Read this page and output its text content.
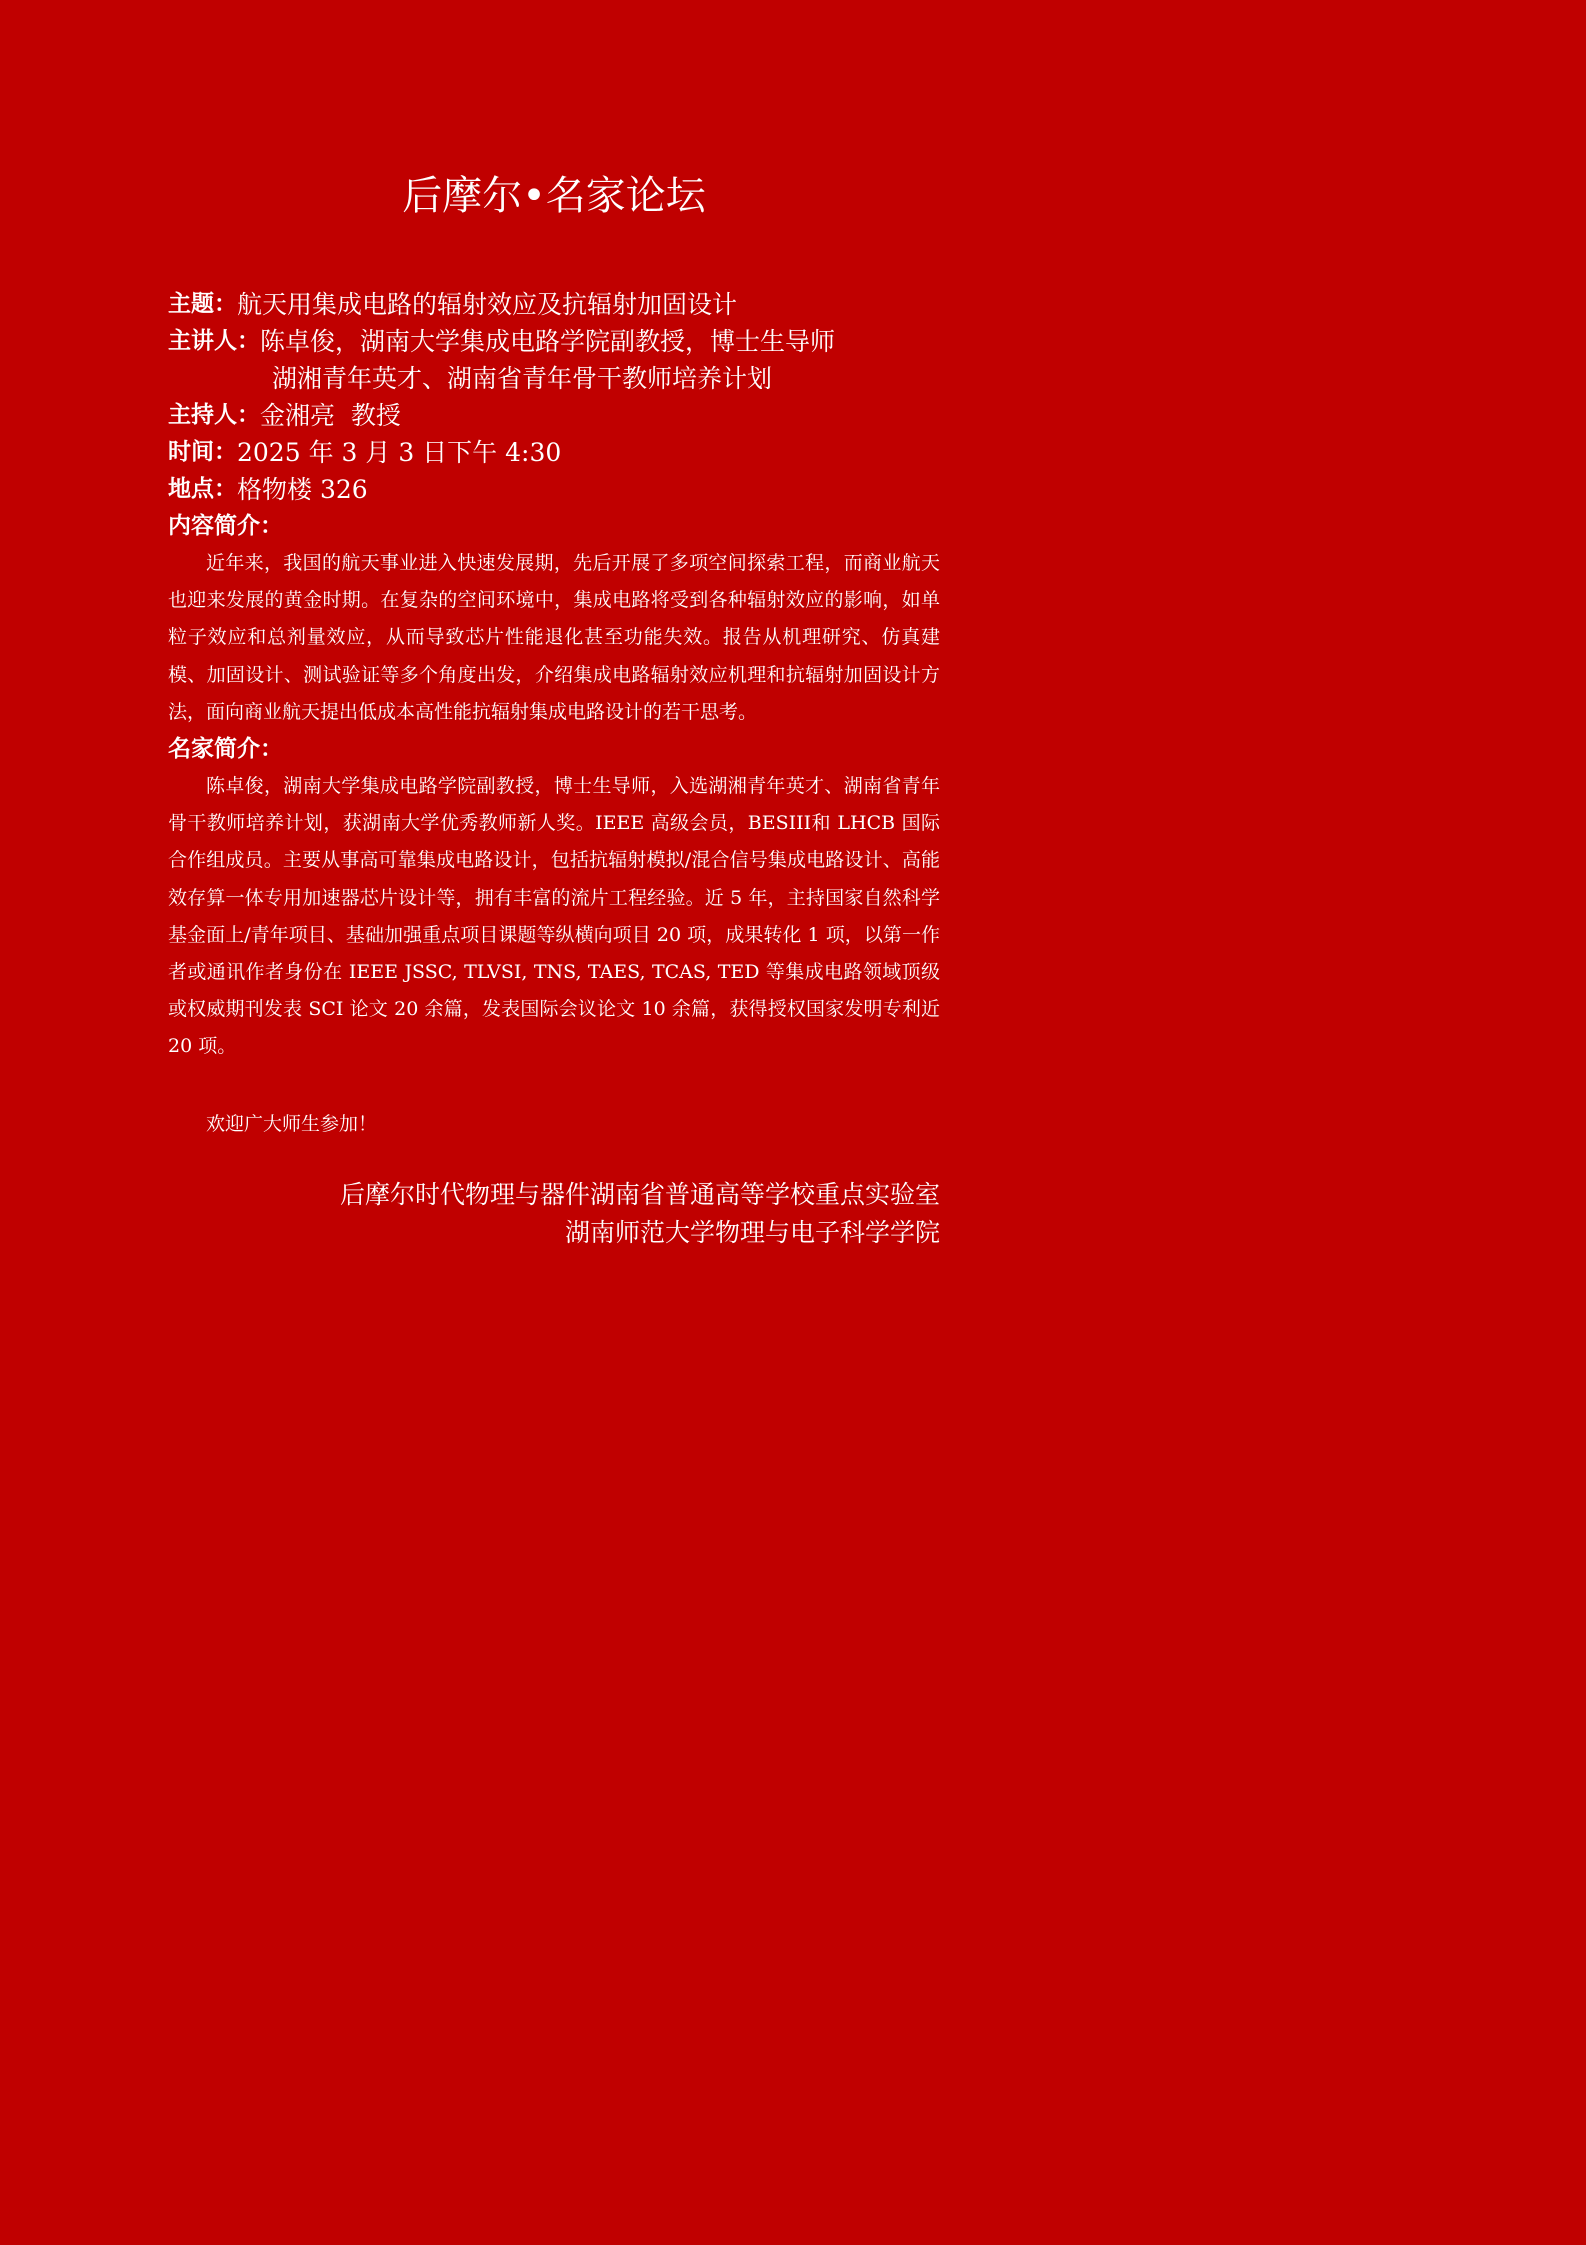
后摩尔•名家论坛
主题： 航天用集成电路的辐射效应及抗辐射加固设计
主讲人： 陈卓俊，湖南大学集成电路学院副教授，博士生导师
湖湘青年英才、湖南省青年骨干教师培养计划
主持人： 金湘亮  教授
时间： 2025 年 3 月 3 日下午 4:30
地点： 格物楼 326
内容简介：

近年来，我国的航天事业进入快速发展期，先后开展了多项空间探索工程，而商业航天也迎来发展的黄金时期。在复杂的空间环境中，集成电路将受到各种辐射效应的影响，如单粒子效应和总剂量效应，从而导致芯片性能退化甚至功能失效。报告从机理研究、仿真建模、加固设计、测试验证等多个角度出发，介绍集成电路辐射效应机理和抗辐射加固设计方法，面向商业航天提出低成本高性能抗辐射集成电路设计的若干思考。

名家简介：

陈卓俊，湖南大学集成电路学院副教授，博士生导师，入选湖湘青年英才、湖南省青年骨干教师培养计划，获湖南大学优秀教师新人奖。IEEE 高级会员，BESIII和 LHCB 国际合作组成员。主要从事高可靠集成电路设计，包括抗辐射模拟/混合信号集成电路设计、高能效存算一体专用加速器芯片设计等，拥有丰富的流片工程经验。近 5 年，主持国家自然科学基金面上/青年项目、基础加强重点项目课题等纵横向项目 20 项，成果转化 1 项，以第一作者或通讯作者身份在 IEEE JSSC, TLVSI, TNS, TAES, TCAS, TED 等集成电路领域顶级或权威期刊发表 SCI 论文 20 余篇，发表国际会议论文 10 余篇，获得授权国家发明专利近 20 项。

欢迎广大师生参加！
后摩尔时代物理与器件湖南省普通高等学校重点实验室
湖南师范大学物理与电子科学学院
